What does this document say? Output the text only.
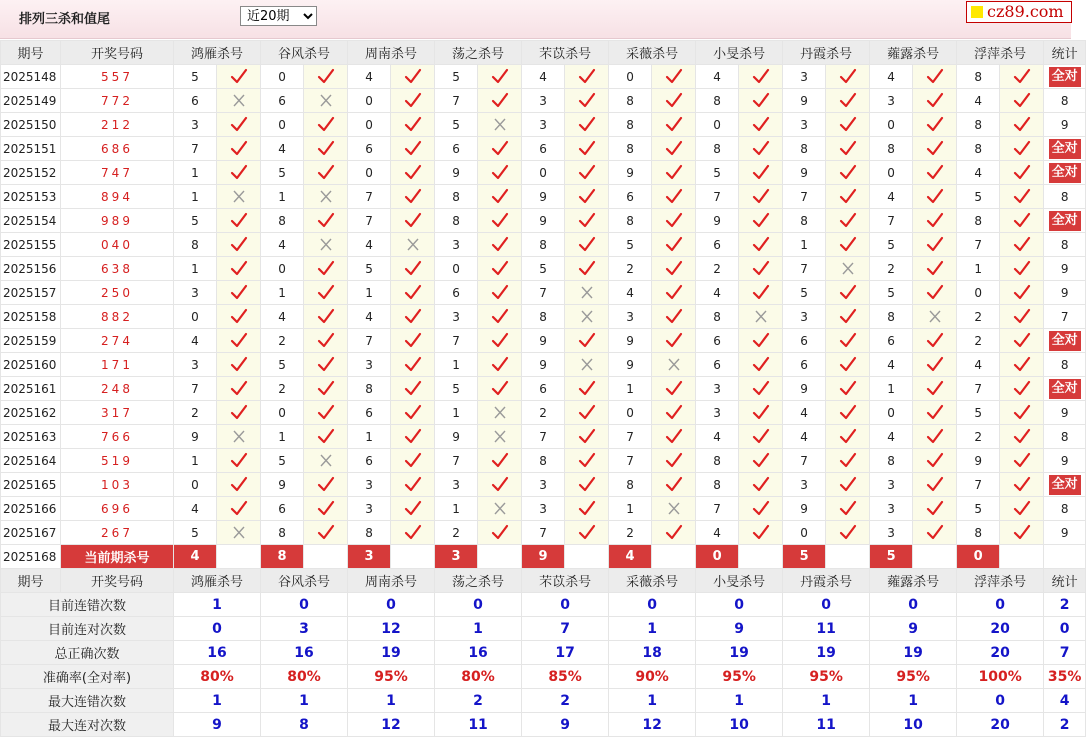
排列三杀和值尾
近20期	cz89.com
期号	开奖号码	鸿雁杀号		谷风杀号		周南杀号		荡之杀号		芣苡杀号		采薇杀号		小旻杀号		丹霞杀号		蕹露杀号		浮萍杀号		统计
2025148	557	5		0		4		5		4		0		4		3		4		8		全对
2025149	772	6		6		0		7		3		8		8		9		3		4		8
2025150	212	3		0		0		5		3		8		0		3		0		8		9
2025151	686	7		4		6		6		6		8		8		8		8		8		全对
2025152	747	1		5		0		9		0		9		5		9		0		4		全对
2025153	894	1		1		7		8		9		6		7		7		4		5		8
2025154	989	5		8		7		8		9		8		9		8		7		8		全对
2025155	040	8		4		4		3		8		5		6		1		5		7		8
2025156	638	1		0		5		0		5		2		2		7		2		1		9
2025157	250	3		1		1		6		7		4		4		5		5		0		9
2025158	882	0		4		4		3		8		3		8		3		8		2		7
2025159	274	4		2		7		7		9		9		6		6		6		2		全对
2025160	171	3		5		3		1		9		9		6		6		4		4		8
2025161	248	7		2		8		5		6		1		3		9		1		7		全对
2025162	317	2		0		6		1		2		0		3		4		0		5		9
2025163	766	9		1		1		9		7		7		4		4		4		2		8
2025164	519	1		5		6		7		8		7		8		7		8		9		9
2025165	103	0		9		3		3		3		8		8		3		3		7		全对
2025166	696	4		6		3		1		3		1		7		9		3		5		8
2025167	267	5		8		8		2		7		2		4		0		3		8		9
2025168	当前期杀号	4		8		3		3		9		4		0		5		5		0		
期号	开奖号码	鸿雁杀号		谷风杀号		周南杀号		荡之杀号		芣苡杀号		采薇杀号		小旻杀号		丹霞杀号		蕹露杀号		浮萍杀号		统计
目前连错次数		1		0		0		0		0		0		0		0		0		0		2
目前连对次数		0		3		12		1		7		1		9		11		9		20		0
总正确次数		16		16		19		16		17		18		19		19		19		20		7
准确率(全对率)		80%		80%		95%		80%		85%		90%		95%		95%		95%		100%		35%
最大连错次数		1		1		1		2		2		1		1		1		1		0		4
最大连对次数		9		8		12		11		9		12		10		11		10		20		2
